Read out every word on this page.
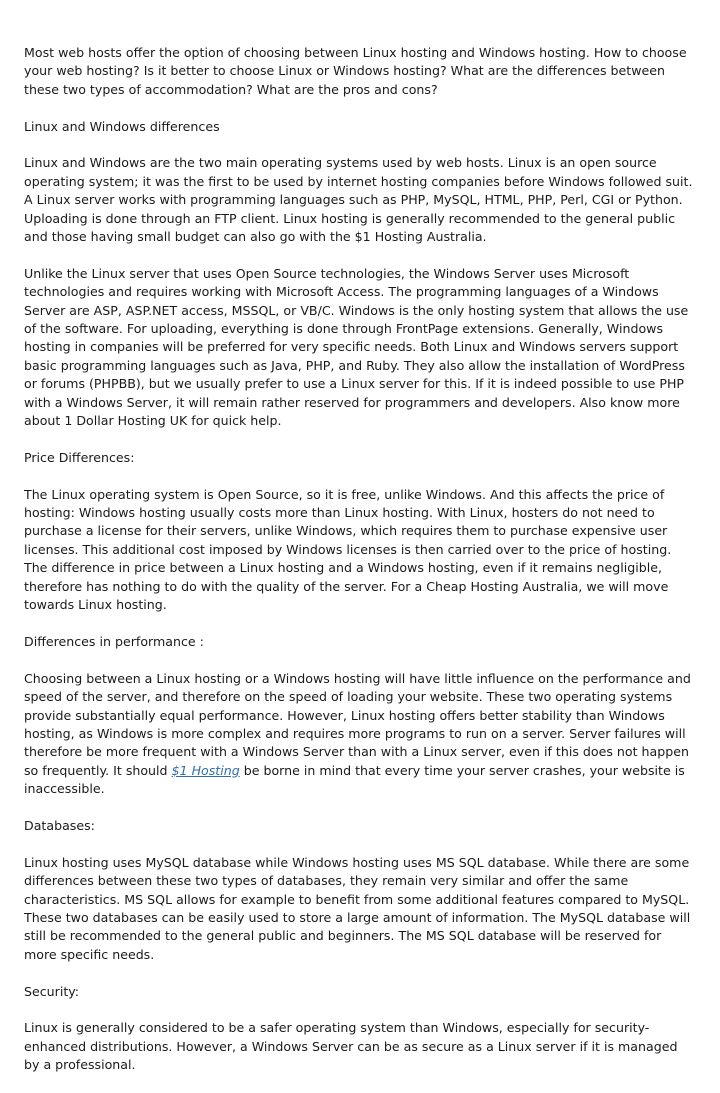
Most web hosts offer the option of choosing between Linux hosting and Windows hosting. How to choose your web hosting? Is it better to choose Linux or Windows hosting? What are the differences between these two types of accommodation? What are the pros and cons?

Linux and Windows differences

Linux and Windows are the two main operating systems used by web hosts. Linux is an open source operating system; it was the first to be used by internet hosting companies before Windows followed suit. A Linux server works with programming languages such as PHP, MySQL, HTML, PHP, Perl, CGI or Python. Uploading is done through an FTP client. Linux hosting is generally recommended to the general public and those having small budget can also go with the $1 Hosting Australia.

Unlike the Linux server that uses Open Source technologies, the Windows Server uses Microsoft technologies and requires working with Microsoft Access. The programming languages of a Windows Server are ASP, ASP.NET access, MSSQL, or VB/C. Windows is the only hosting system that allows the use of the software. For uploading, everything is done through FrontPage extensions. Generally, Windows hosting in companies will be preferred for very specific needs. Both Linux and Windows servers support basic programming languages such as Java, PHP, and Ruby. They also allow the installation of WordPress or forums (PHPBB), but we usually prefer to use a Linux server for this. If it is indeed possible to use PHP with a Windows Server, it will remain rather reserved for programmers and developers. Also know more about 1 Dollar Hosting UK for quick help.

Price Differences:

The Linux operating system is Open Source, so it is free, unlike Windows. And this affects the price of hosting: Windows hosting usually costs more than Linux hosting. With Linux, hosters do not need to purchase a license for their servers, unlike Windows, which requires them to purchase expensive user licenses. This additional cost imposed by Windows licenses is then carried over to the price of hosting. The difference in price between a Linux hosting and a Windows hosting, even if it remains negligible, therefore has nothing to do with the quality of the server. For a Cheap Hosting Australia, we will move towards Linux hosting.

Differences in performance :

Choosing between a Linux hosting or a Windows hosting will have little influence on the performance and speed of the server, and therefore on the speed of loading your website. These two operating systems provide substantially equal performance. However, Linux hosting offers better stability than Windows hosting, as Windows is more complex and requires more programs to run on a server. Server failures will therefore be more frequent with a Windows Server than with a Linux server, even if this does not happen so frequently. It should $1 Hosting be borne in mind that every time your server crashes, your website is inaccessible.

Databases:

Linux hosting uses MySQL database while Windows hosting uses MS SQL database. While there are some differences between these two types of databases, they remain very similar and offer the same characteristics. MS SQL allows for example to benefit from some additional features compared to MySQL. These two databases can be easily used to store a large amount of information. The MySQL database will still be recommended to the general public and beginners. The MS SQL database will be reserved for more specific needs.

Security:

Linux is generally considered to be a safer operating system than Windows, especially for security-enhanced distributions. However, a Windows Server can be as secure as a Linux server if it is managed by a professional.
